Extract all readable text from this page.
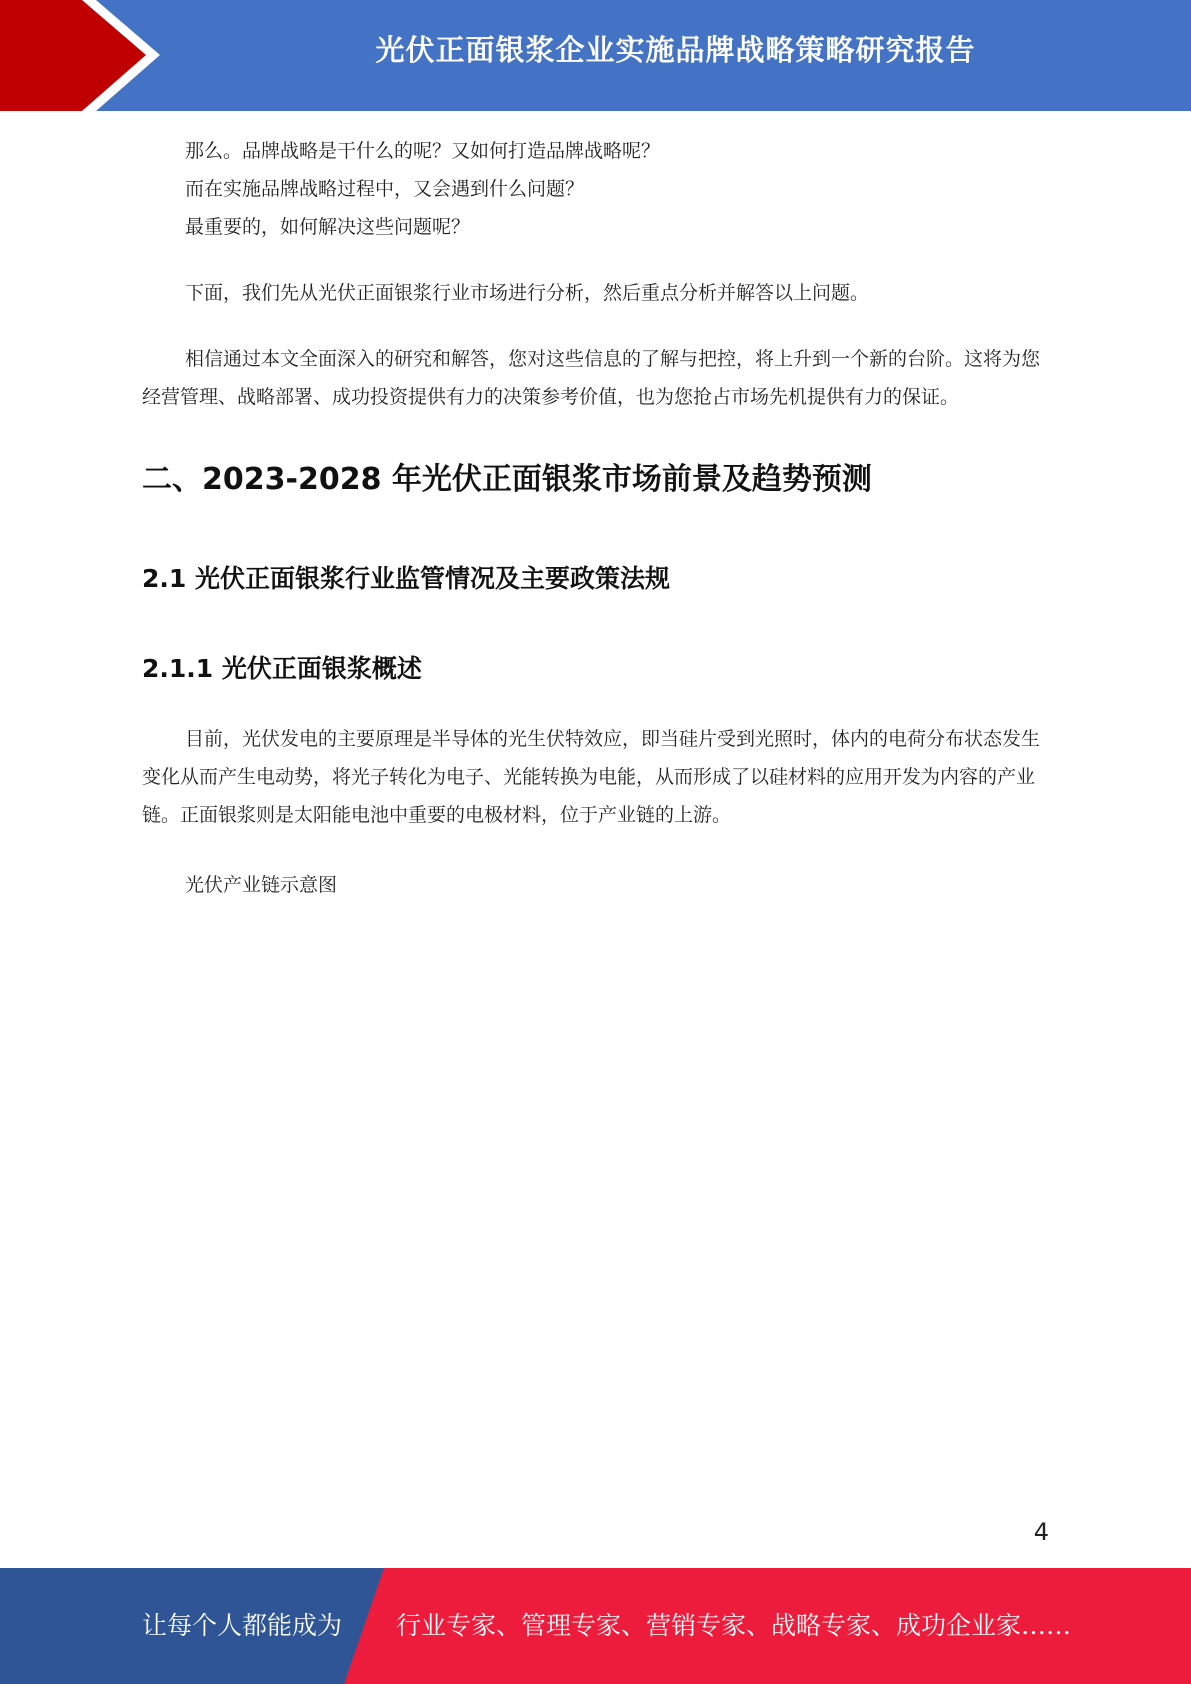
光伏正面银浆企业实施品牌战略策略研究报告

那么。品牌战略是干什么的呢？又如何打造品牌战略呢？

而在实施品牌战略过程中，又会遇到什么问题？

最重要的，如何解决这些问题呢？

下面，我们先从光伏正面银浆行业市场进行分析，然后重点分析并解答以上问题。

相信通过本文全面深入的研究和解答，您对这些信息的了解与把控，将上升到一个新的台阶。这将为您经营管理、战略部署、成功投资提供有力的决策参考价值，也为您抢占市场先机提供有力的保证。

二、2023-2028 年光伏正面银浆市场前景及趋势预测
2.1 光伏正面银浆行业监管情况及主要政策法规
2.1.1 光伏正面银浆概述

目前，光伏发电的主要原理是半导体的光生伏特效应，即当硅片受到光照时，体内的电荷分布状态发生变化从而产生电动势，将光子转化为电子、光能转换为电能，从而形成了以硅材料的应用开发为内容的产业链。正面银浆则是太阳能电池中重要的电极材料，位于产业链的上游。

光伏产业链示意图

4
让每个人都能成为 行业专家、管理专家、营销专家、战略专家、成功企业家……
